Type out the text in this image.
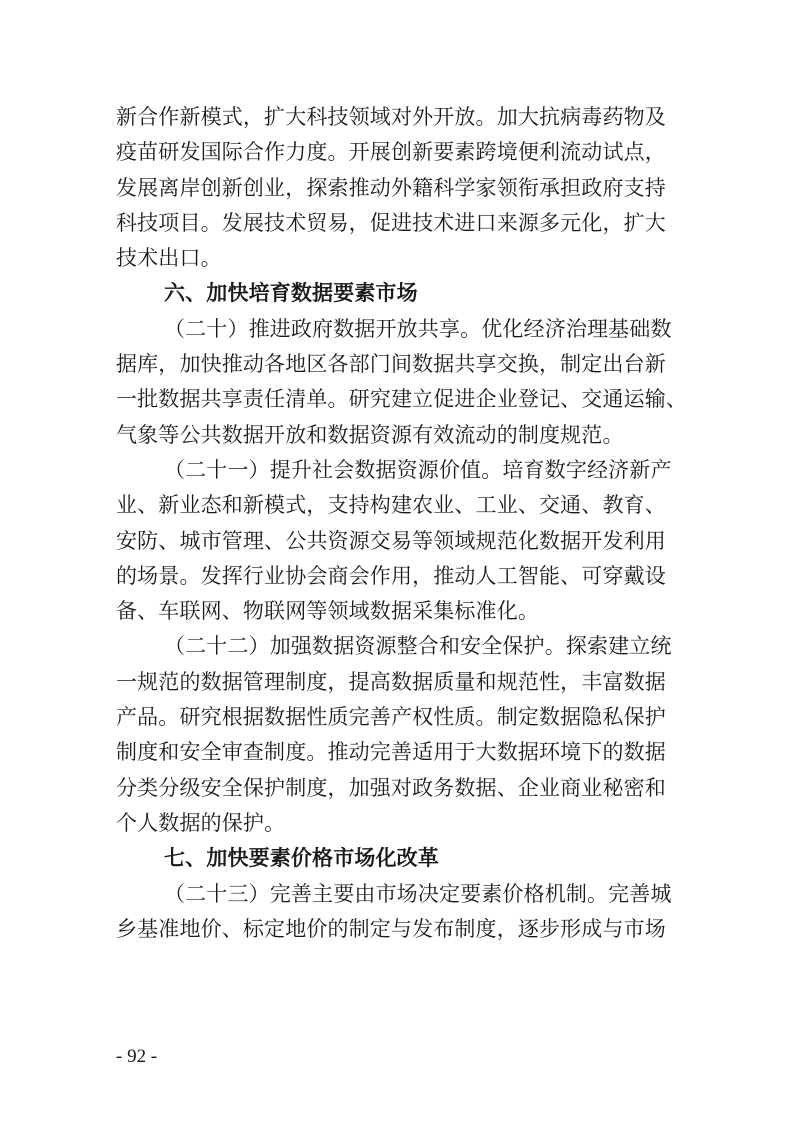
新合作新模式，扩大科技领域对外开放。加大抗病毒药物及
疫苗研发国际合作力度。开展创新要素跨境便利流动试点，
发展离岸创新创业，探索推动外籍科学家领衔承担政府支持
科技项目。发展技术贸易，促进技术进口来源多元化，扩大
技术出口。
六、加快培育数据要素市场
（二十）推进政府数据开放共享。优化经济治理基础数
据库，加快推动各地区各部门间数据共享交换，制定出台新
一批数据共享责任清单。研究建立促进企业登记、交通运输、
气象等公共数据开放和数据资源有效流动的制度规范。
（二十一）提升社会数据资源价值。培育数字经济新产
业、新业态和新模式，支持构建农业、工业、交通、教育、
安防、城市管理、公共资源交易等领域规范化数据开发利用
的场景。发挥行业协会商会作用，推动人工智能、可穿戴设
备、车联网、物联网等领域数据采集标准化。
（二十二）加强数据资源整合和安全保护。探索建立统
一规范的数据管理制度，提高数据质量和规范性，丰富数据
产品。研究根据数据性质完善产权性质。制定数据隐私保护
制度和安全审查制度。推动完善适用于大数据环境下的数据
分类分级安全保护制度，加强对政务数据、企业商业秘密和
个人数据的保护。
七、加快要素价格市场化改革
（二十三）完善主要由市场决定要素价格机制。完善城
乡基准地价、标定地价的制定与发布制度，逐步形成与市场
- 92 -
